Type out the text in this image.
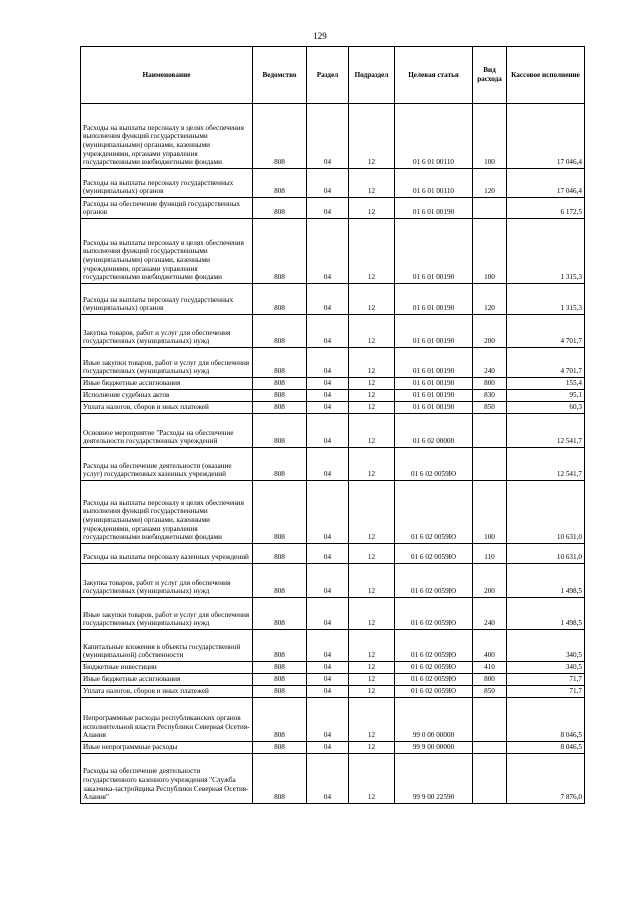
129
Наименование	Ведомство	Раздел	Подраздел	Целевая статья	Вид расхода	Кассовое исполнение
Расходы на выплаты персоналу в целях обеспечения выполнения функций государственными (муниципальными) органами, казенными учреждениями, органами управления государственными внебюджетными фондами	808	04	12	01 6 01 00110	100	17 046,4
Расходы на выплаты персоналу государственных (муниципальных) органов	808	04	12	01 6 01 00110	120	17 046,4
Расходы на обеспечение функций государственных органов	808	04	12	01 6 01 00190		6 172,5
Расходы на выплаты персоналу в целях обеспечения выполнения функций государственными (муниципальными) органами, казенными учреждениями, органами управления государственными внебюджетными фондами	808	04	12	01 6 01 00190	100	1 315,3
Расходы на выплаты персоналу государственных (муниципальных) органов	808	04	12	01 6 01 00190	120	1 315,3
Закупка товаров, работ и услуг для обеспечения государственных (муниципальных) нужд	808	04	12	01 6 01 00190	200	4 701,7
Иные закупки товаров, работ и услуг для обеспечения государственных (муниципальных) нужд	808	04	12	01 6 01 00190	240	4 701,7
Иные бюджетные ассигнования	808	04	12	01 6 01 00190	800	155,4
Исполнение судебных актов	808	04	12	01 6 01 00190	830	95,1
Уплата налогов, сборов и иных платежей	808	04	12	01 6 01 00190	850	60,3
Основное мероприятие "Расходы на обеспечение деятельности государственных учреждений	808	04	12	01 6 02 00000		12 541,7
Расходы на обеспечение деятельности (оказание услуг) государственных казенных учреждений	808	04	12	01 6 02 0059Ю		12 541,7
Расходы на выплаты персоналу в целях обеспечения выполнения функций государственными (муниципальными) органами, казенными учреждениями, органами управления государственными внебюджетными фондами	808	04	12	01 6 02 0059Ю	100	10 631,0
Расходы на выплаты персоналу казенных учреждений	808	04	12	01 6 02 0059Ю	110	10 631,0
Закупка товаров, работ и услуг для обеспечения государственных (муниципальных) нужд	808	04	12	01 6 02 0059Ю	200	1 498,5
Иные закупки товаров, работ и услуг для обеспечения государственных (муниципальных) нужд	808	04	12	01 6 02 0059Ю	240	1 498,5
Капитальные вложения в объекты государственной (муниципальной) собственности	808	04	12	01 6 02 0059Ю	400	340,5
Бюджетные инвестиции	808	04	12	01 6 02 0059Ю	410	340,5
Иные бюджетные ассигнования	808	04	12	01 6 02 0059Ю	800	71,7
Уплата налогов, сборов и иных платежей	808	04	12	01 6 02 0059Ю	850	71,7
Непрограммные расходы республиканских органов исполнительной власти Республики Северная Осетия-Алания	808	04	12	99 0 00 00000		8 046,5
Иные непрограммные расходы	808	04	12	99 9 00 00000		8 046,5
Расходы на обеспечение деятельности государственного казенного учреждения "Служба заказчика-застройщика Республики Северная Осетия-Алания"	808	04	12	99 9 00 22590		7 876,0
